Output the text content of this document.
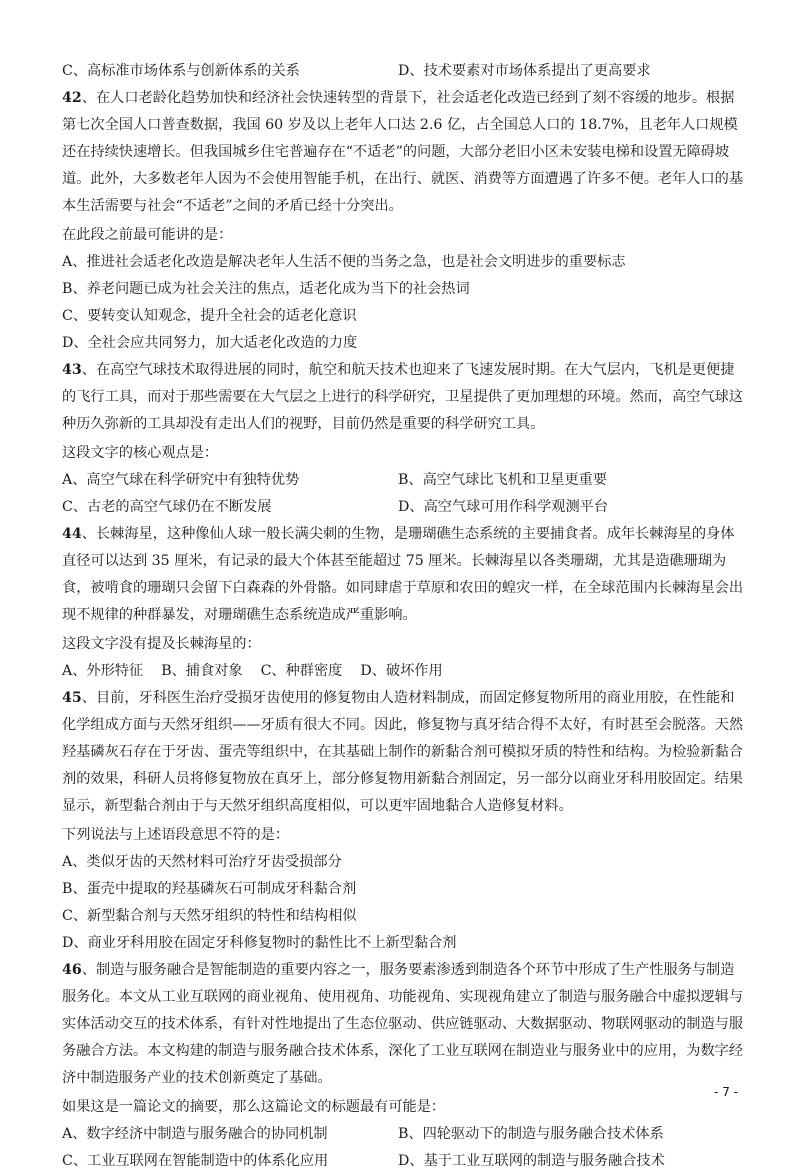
C、高标准市场体系与创新体系的关系	D、技术要素对市场体系提出了更高要求

42、在人口老龄化趋势加快和经济社会快速转型的背景下，社会适老化改造已经到了刻不容缓的地步。根据第七次全国人口普查数据，我国 60 岁及以上老年人口达 2.6 亿，占全国总人口的 18.7%，且老年人口规模还在持续快速增长。但我国城乡住宅普遍存在“不适老”的问题，大部分老旧小区未安装电梯和设置无障碍坡道。此外，大多数老年人因为不会使用智能手机，在出行、就医、消费等方面遭遇了许多不便。老年人口的基本生活需要与社会“不适老”之间的矛盾已经十分突出。

在此段之前最可能讲的是：

A、推进社会适老化改造是解决老年人生活不便的当务之急，也是社会文明进步的重要标志

B、养老问题已成为社会关注的焦点，适老化成为当下的社会热词

C、要转变认知观念，提升全社会的适老化意识

D、全社会应共同努力，加大适老化改造的力度

43、在高空气球技术取得进展的同时，航空和航天技术也迎来了飞速发展时期。在大气层内，飞机是更便捷的飞行工具，而对于那些需要在大气层之上进行的科学研究，卫星提供了更加理想的环境。然而，高空气球这种历久弥新的工具却没有走出人们的视野，目前仍然是重要的科学研究工具。

这段文字的核心观点是：

A、高空气球在科学研究中有独特优势	B、高空气球比飞机和卫星更重要
C、古老的高空气球仍在不断发展	D、高空气球可用作科学观测平台

44、长棘海星，这种像仙人球一般长满尖刺的生物，是珊瑚礁生态系统的主要捕食者。成年长棘海星的身体直径可以达到 35 厘米，有记录的最大个体甚至能超过 75 厘米。长棘海星以各类珊瑚，尤其是造礁珊瑚为食，被啃食的珊瑚只会留下白森森的外骨骼。如同肆虐于草原和农田的蝗灾一样，在全球范围内长棘海星会出现不规律的种群暴发，对珊瑚礁生态系统造成严重影响。

这段文字没有提及长棘海星的：

A、外形特征 B、捕食对象 C、种群密度 D、破坏作用

45、目前，牙科医生治疗受损牙齿使用的修复物由人造材料制成，而固定修复物所用的商业用胶，在性能和化学组成方面与天然牙组织——牙质有很大不同。因此，修复物与真牙结合得不太好，有时甚至会脱落。天然羟基磷灰石存在于牙齿、蛋壳等组织中，在其基础上制作的新黏合剂可模拟牙质的特性和结构。为检验新黏合剂的效果，科研人员将修复物放在真牙上，部分修复物用新黏合剂固定，另一部分以商业牙科用胶固定。结果显示，新型黏合剂由于与天然牙组织高度相似，可以更牢固地黏合人造修复材料。

下列说法与上述语段意思不符的是：

A、类似牙齿的天然材料可治疗牙齿受损部分

B、蛋壳中提取的羟基磷灰石可制成牙科黏合剂

C、新型黏合剂与天然牙组织的特性和结构相似

D、商业牙科用胶在固定牙科修复物时的黏性比不上新型黏合剂

46、制造与服务融合是智能制造的重要内容之一，服务要素渗透到制造各个环节中形成了生产性服务与制造服务化。本文从工业互联网的商业视角、使用视角、功能视角、实现视角建立了制造与服务融合中虚拟逻辑与实体活动交互的技术体系，有针对性地提出了生态位驱动、供应链驱动、大数据驱动、物联网驱动的制造与服务融合方法。本文构建的制造与服务融合技术体系，深化了工业互联网在制造业与服务业中的应用，为数字经济中制造服务产业的技术创新奠定了基础。

如果这是一篇论文的摘要，那么这篇论文的标题最有可能是：

A、数字经济中制造与服务融合的协同机制	B、四轮驱动下的制造与服务融合技术体系
C、工业互联网在智能制造中的体系化应用	D、基于工业互联网的制造与服务融合技术
- 7 -
